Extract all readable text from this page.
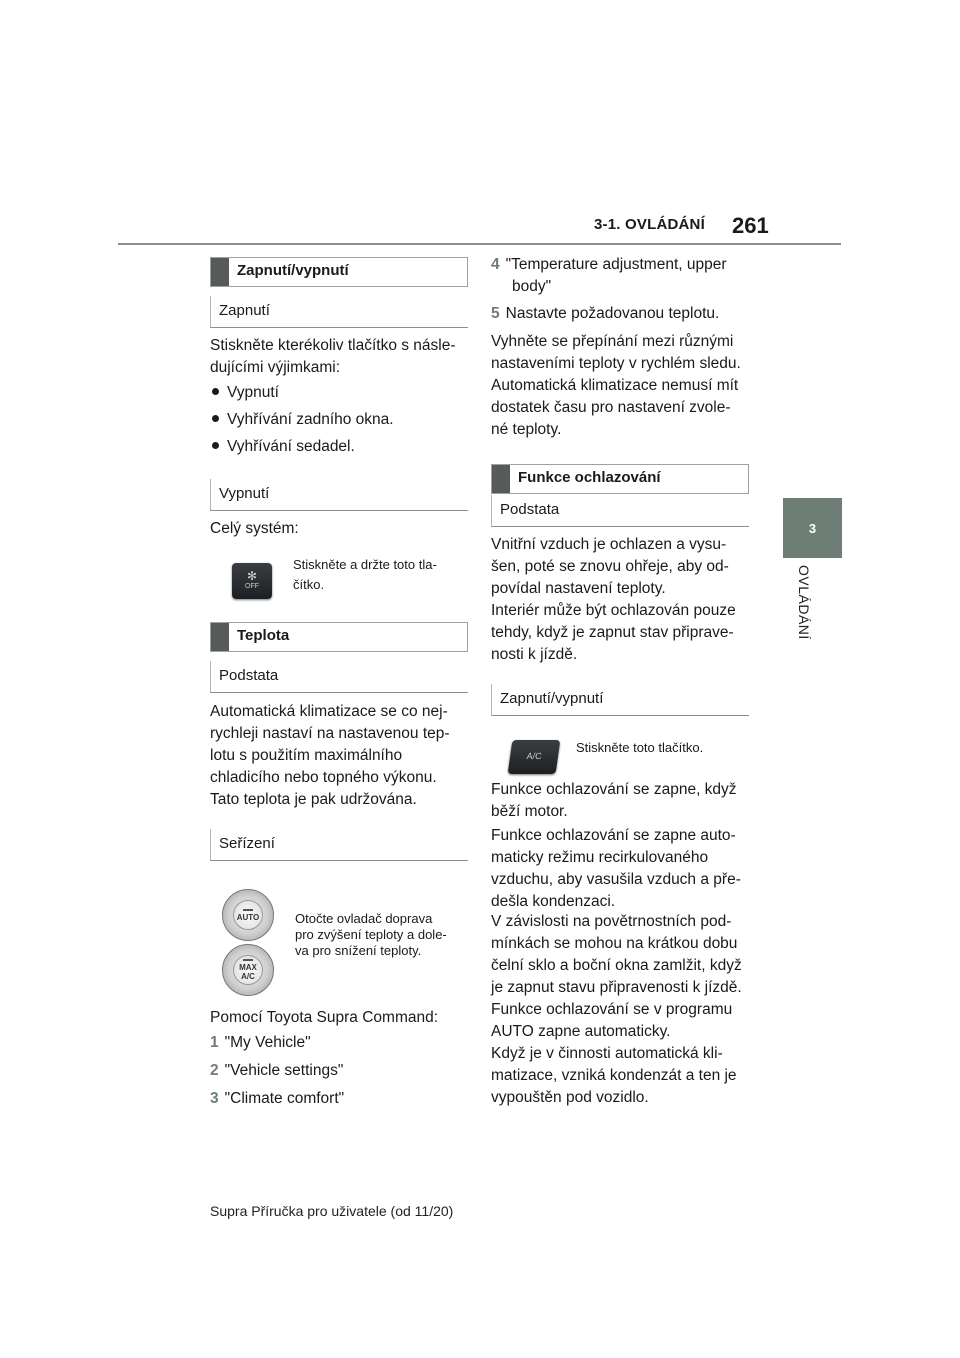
3-1. OVLÁDÁNÍ 261
3
OVLÁDÁNÍ
Zapnutí/vypnutí
Zapnutí
Stiskněte kterékoliv tlačítko s násle-
dujícími výjimkami:
Vypnutí
Vyhřívání zadního okna.
Vyhřívání sedadel.
Vypnutí
Celý systém:
✻
OFF
Stiskněte a držte toto tla-
čítko.
Teplota
Podstata
Automatická klimatizace se co nej-
rychleji nastaví na nastavenou tep-
lotu s použitím maximálního
chladicího nebo topného výkonu.
Tato teplota je pak udržována.
Seřízení
AUTO
MAX
A/C
Otočte ovladač doprava
pro zvýšení teploty a dole-
va pro snížení teploty.
Pomocí Toyota Supra Command:
1 "My Vehicle"
2 "Vehicle settings"
3 "Climate comfort"
4 "Temperature adjustment, upper
body"
5 Nastavte požadovanou teplotu.
Vyhněte se přepínání mezi různými
nastaveními teploty v rychlém sledu.
Automatická klimatizace nemusí mít
dostatek času pro nastavení zvole-
né teploty.
Funkce ochlazování
Podstata
Vnitřní vzduch je ochlazen a vysu-
šen, poté se znovu ohřeje, aby od-
povídal nastavení teploty.
Interiér může být ochlazován pouze
tehdy, když je zapnut stav připrave-
nosti k jízdě.
Zapnutí/vypnutí
A/C
Stiskněte toto tlačítko.
Funkce ochlazování se zapne, když
běží motor.
Funkce ochlazování se zapne auto-
maticky režimu recirkulovaného
vzduchu, aby vasušila vzduch a pře-
dešla kondenzaci.
V závislosti na povětrnostních pod-
mínkách se mohou na krátkou dobu
čelní sklo a boční okna zamlžit, když
je zapnut stavu připravenosti k jízdě.
Funkce ochlazování se v programu
AUTO zapne automaticky.
Když je v činnosti automatická kli-
matizace, vzniká kondenzát a ten je
vypouštěn pod vozidlo.
Supra Příručka pro uživatele (od 11/20)
